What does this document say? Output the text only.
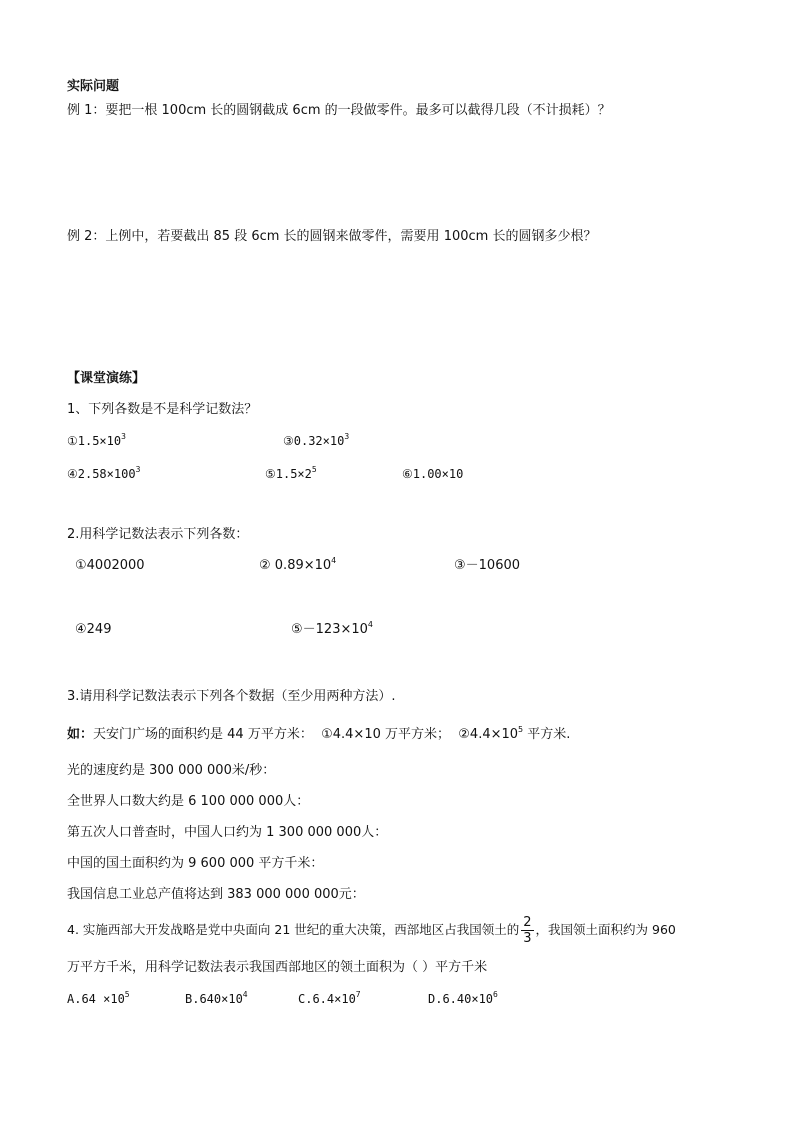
实际问题
例 1：要把一根 100cm 长的圆钢截成 6cm 的一段做零件。最多可以截得几段（不计损耗）？
例 2：上例中，若要截出 85 段 6cm 长的圆钢来做零件，需要用 100cm 长的圆钢多少根？
【课堂演练】
1、下列各数是不是科学记数法？
$①1.5\times 10^3$	$③0.32\times 10^3$
$④2.58\times 100^3$	$⑤1.5\times 2^5$	⑥1.00×10
2.用科学记数法表示下列各数：
①4002000	② $0.89\times 10^4$	③－10600
④249	$⑤-123\times 10^4$
3.请用科学记数法表示下列各个数据（至少用两种方法）.
如：天安门广场的面积约是 44 万平方米： ①4.4×10 万平方米； $②4.4\times 10^5$ 平方米.
光的速度约是 300 000 000米/秒：
全世界人口数大约是 6 100 000 000人：
第五次人口普查时，中国人口约为 1 300 000 000人：
中国的国土面积约为 9 600 000 平方千米：
我国信息工业总产值将达到 383 000 000 000元：
4. 实施西部大开发战略是党中央面向 21 世纪的重大决策，西部地区占我国领土的 $\frac{2}{3}$ ，我国领土面积约为 960
万平方千米，用科学记数法表示我国西部地区的领土面积为（ ）平方千米
$A.64 \times 10^5$	$B.640\times 10^4$	$C.6.4\times 10^7$	$D.6.40\times 10^6$
